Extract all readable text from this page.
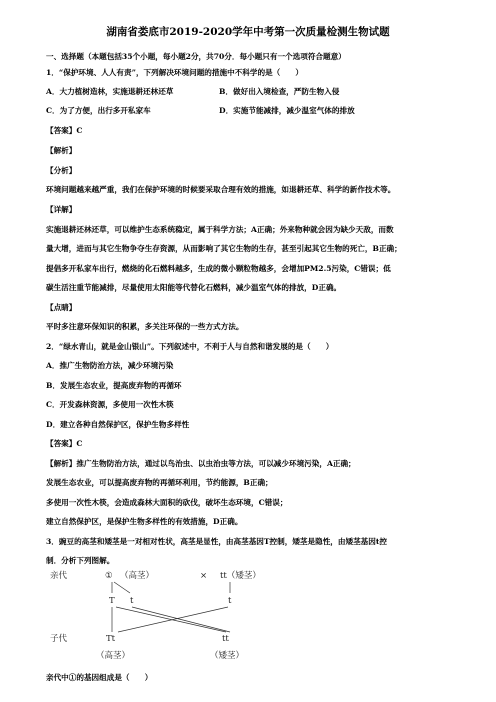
湖南省娄底市2019-2020学年中考第一次质量检测生物试题
一、选择题（本题包括35个小题，每小题2分，共70分．每小题只有一个选项符合题意）
1．“保护环境、人人有责”，下列解决环境问题的措施中不科学的是（　　）
A．大力植树造林，实施退耕还林还草	B．做好出入境检查，严防生物入侵
C．为了方便，出行多开私家车	D．实施节能减排，减少温室气体的排放
【答案】C
【解析】
【分析】
环境问题越来越严重，我们在保护环境的时候要采取合理有效的措施，如退耕还草、科学的新作技术等。
【详解】
实施退耕还林还草，可以维护生态系统稳定，属于科学方法；A正确；外来物种就会因为缺少天敌，而数
量大增，进而与其它生物争夺生存资源，从而影响了其它生物的生存，甚至引起其它生物的死亡，B正确；
提倡多开私家车出行，燃烧的化石燃料越多，生成的微小颗粒物越多，会增加PM2.5污染，C错误；低
碳生活注重节能减排，尽量使用太阳能等代替化石燃料，减少温室气体的排放，D正确。
【点睛】
平时多注意环保知识的积累，多关注环保的一些方式方法。
2．“绿水青山，就是金山银山”。下列叙述中，不利于人与自然和谐发展的是（　　）
A．推广生物防治方法，减少环境污染
B．发展生态农业，提高废弃物的再循环
C．开发森林资源，多使用一次性木筷
D．建立各种自然保护区，保护生物多样性
【答案】C
【解析】推广生物防治方法，通过以鸟治虫、以虫治虫等方法，可以减少环境污染，A正确；
发展生态农业，可以提高废弃物的再循环利用，节约能源，B正确；
多使用一次性木筷，会造成森林大面积的砍伐，破坏生态环境，C错误；
建立自然保护区，是保护生物多样性的有效措施，D正确。
3．豌豆的高茎和矮茎是一对相对性状，高茎是显性，由高茎基因T控制，矮茎是隐性，由矮茎基因t控
制．分析下列图解。
亲代	① （高茎）	× tt（矮茎）
T t	t
子代	Tt	tt
（高茎）	（矮茎）
亲代中①的基因组成是（　　）
